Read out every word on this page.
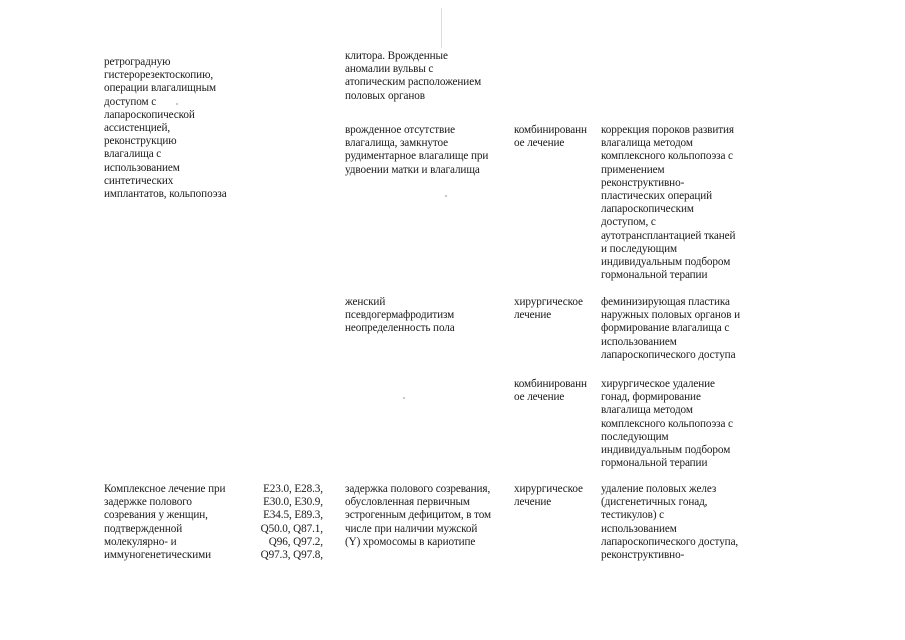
ретроградную
гистерорезектоскопию,
операции влагалищным
доступом с
лапароскопической
ассистенцией,
реконструкцию
влагалища с
использованием
синтетических
имплантатов, кольпопоэза
клитора. Врожденные
аномалии вульвы с
атопическим расположением
половых органов
врожденное отсутствие
влагалища, замкнутое
рудиментарное влагалище при
удвоении матки и влагалища
комбинированн
ое лечение
коррекция пороков развития
влагалища методом
комплексного кольпопоэза с
применением
реконструктивно-
пластических операций
лапароскопическим
доступом, с
аутотрансплантацией тканей
и последующим
индивидуальным подбором
гормональной терапии
женский
псевдогермафродитизм
неопределенность пола
хирургическое
лечение
феминизирующая пластика
наружных половых органов и
формирование влагалища с
использованием
лапароскопического доступа
комбинированн
ое лечение
хирургическое удаление
гонад, формирование
влагалища методом
комплексного кольпопоэза с
последующим
индивидуальным подбором
гормональной терапии
Комплексное лечение при
задержке полового
созревания у женщин,
подтвержденной
молекулярно- и
иммуногенетическими
E23.0, E28.3,
E30.0, E30.9,
E34.5, E89.3,
Q50.0, Q87.1,
Q96, Q97.2,
Q97.3, Q97.8,
задержка полового созревания,
обусловленная первичным
эстрогенным дефицитом, в том
числе при наличии мужской
(Y) хромосомы в кариотипе
хирургическое
лечение
удаление половых желез
(дисгенетичных гонад,
тестикулов) с
использованием
лапароскопического доступа,
реконструктивно-
